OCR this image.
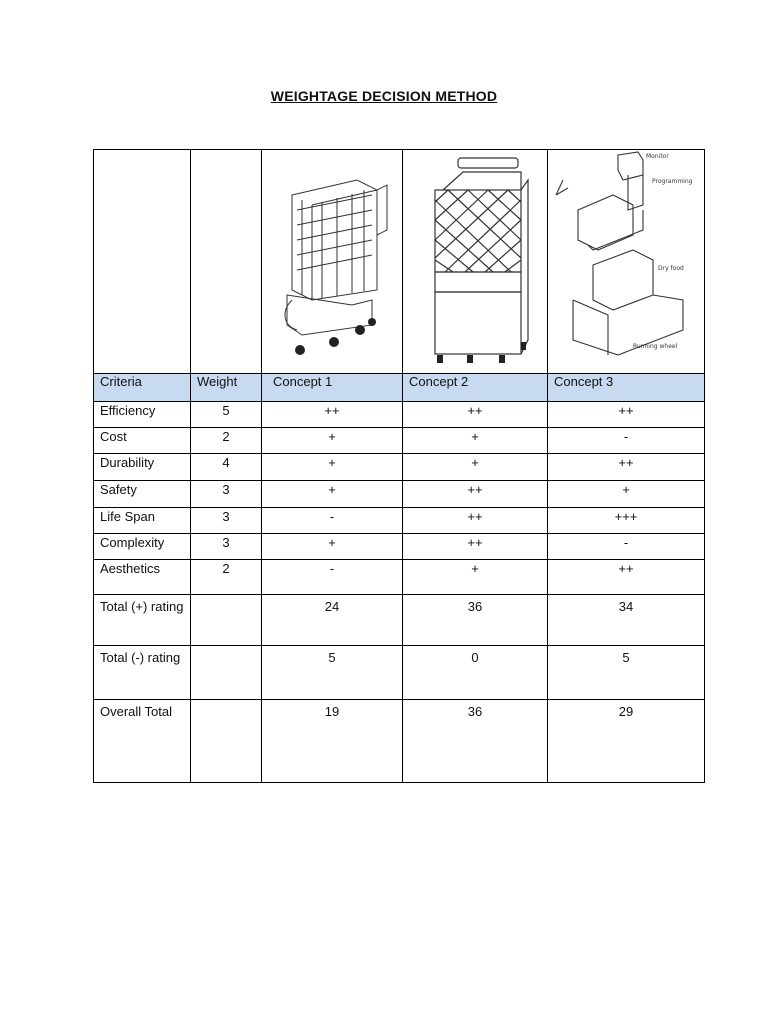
WEIGHTAGE DECISION METHOD

Monitor
Programming
Dry food
Running wheel

Criteria	Weight	Concept 1	Concept 2	Concept 3
Efficiency	5	++	++	++
Cost	2	+	+	-
Durability	4	+	+	++
Safety	3	+	++	+
Life Span	3	-	++	+++
Complexity	3	+	++	-
Aesthetics	2	-	+	++

Total (+) rating		24	36	34

Total (-) rating		5	0	5

Overall Total		19	36	29
